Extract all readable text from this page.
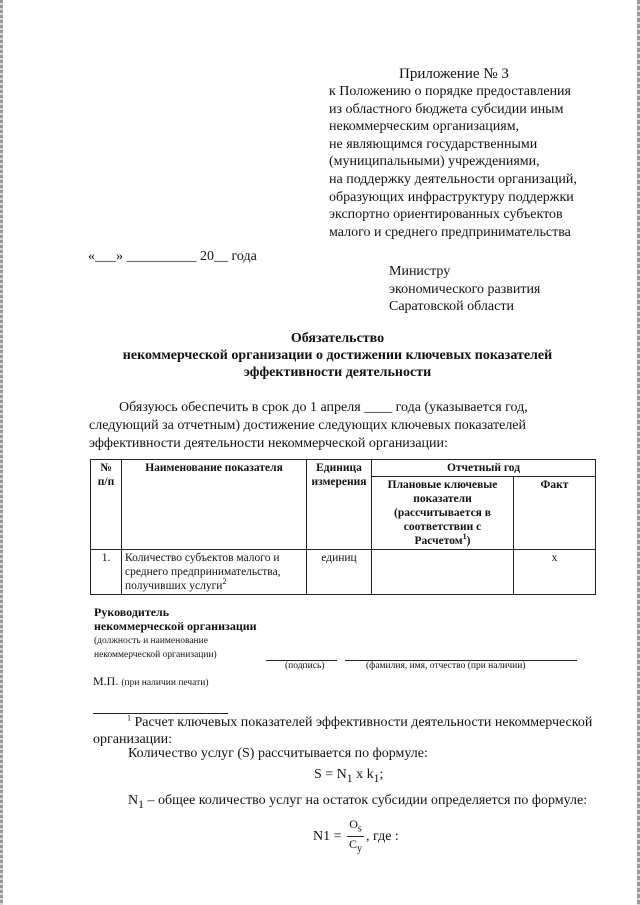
Приложение № 3
к Положению о порядке предоставления
из областного бюджета субсидии иным
некоммерческим организациям,
не являющимся государственными
(муниципальными) учреждениями,
на поддержку деятельности организаций,
образующих инфраструктуру поддержки
экспортно ориентированных субъектов
малого и среднего предпринимательства
«___» __________ 20__ года
Министру
экономического развития
Саратовской области
Обязательство
некоммерческой организации о достижении ключевых показателей
эффективности деятельности

Обязуюсь обеспечить в срок до 1 апреля ____ года (указывается год,

следующий за отчетным) достижение следующих ключевых показателей

эффективности деятельности некоммерческой организации:

№ п/п	Наименование показателя	Единица измерения	Отчетный год	
			Плановые ключевые показатели (рассчитывается в соответствии с Расчетом$^1$)	Факт
1.	Количество субъектов малого и среднего предпринимательства, получивших услуги$^2$	единиц		x
Руководитель
некоммерческой организации
(должность и наименование
некоммерческой организации)
(подпись)	(фамилия, имя, отчество (при наличии)
М.П. (при наличии печати)

$^1$ Расчет ключевых показателей эффективности деятельности некоммерческой

организации:

Количество услуг (S) рассчитывается по формуле:
$S = N_1$ x $k_1$;
$N_1$ – общее количество услуг на остаток субсидии определяется по формуле:
$N1 = \frac{O_s}{C_y}$ , где :
